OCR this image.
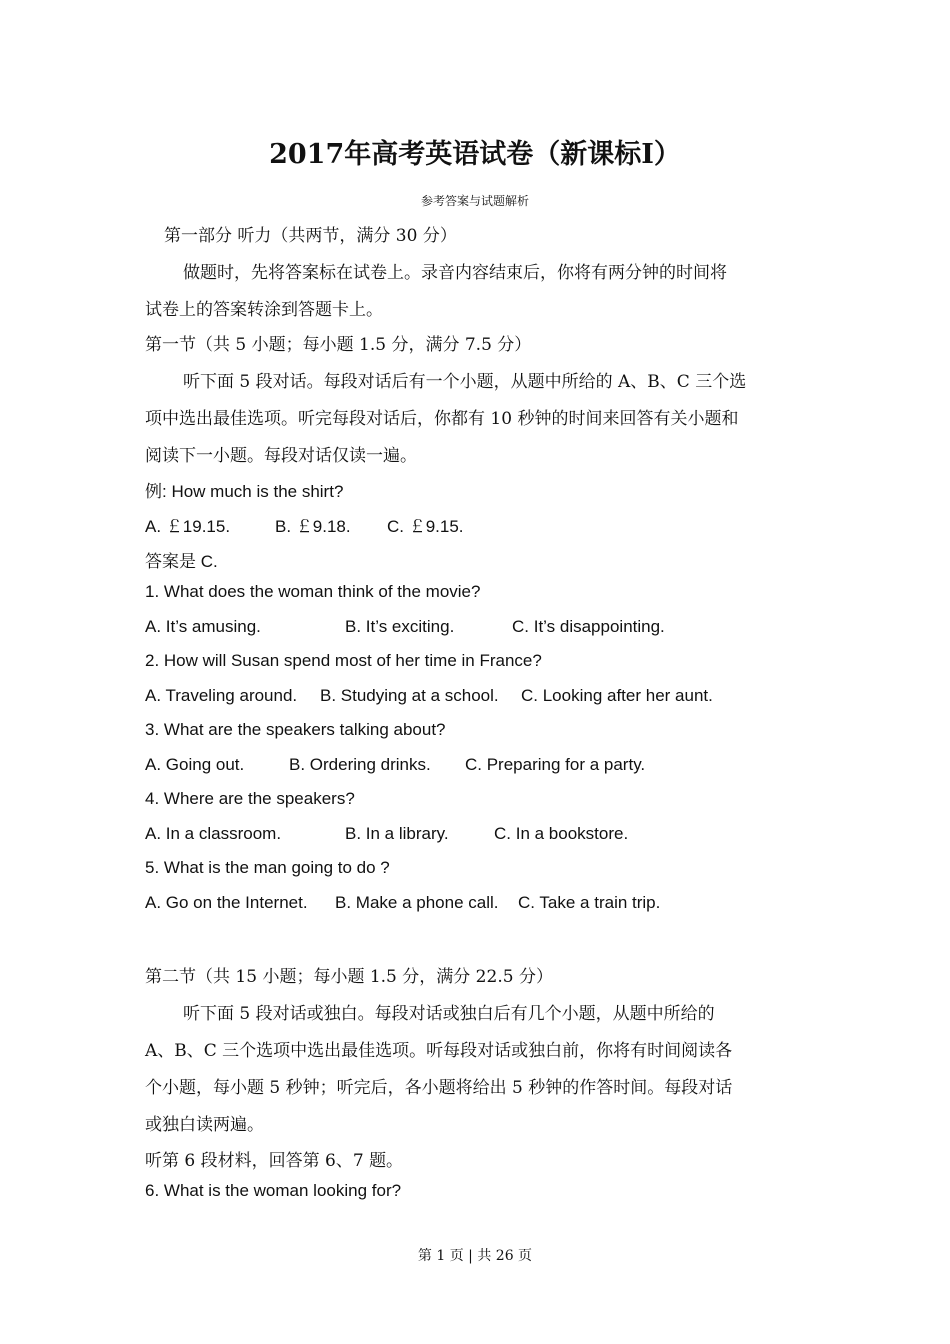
2017年高考英语试卷（新课标Ⅰ）
参考答案与试题解析
第一部分 听力（共两节，满分 30 分）
做题时，先将答案标在试卷上。录音内容结束后，你将有两分钟的时间将
试卷上的答案转涂到答题卡上。
第一节（共 5 小题；每小题 1.5 分，满分 7.5 分）
听下面 5 段对话。每段对话后有一个小题，从题中所给的 A、B、C 三个选
项中选出最佳选项。听完每段对话后，你都有 10 秒钟的时间来回答有关小题和
阅读下一小题。每段对话仅读一遍。
例: How much is the shirt?
A. ￡19.15.	B. ￡9.18. C. ￡9.15.
答案是 C.
1. What does the woman think of the movie?
A. It’s amusing.	B. It’s exciting.	C. It’s disappointing.
2. How will Susan spend most of her time in France?
A. Traveling around. B. Studying at a school. C. Looking after her aunt.
3. What are the speakers talking about?
A. Going out.	B. Ordering drinks. C. Preparing for a party.
4. Where are the speakers?
A. In a classroom.	B. In a library.	C. In a bookstore.
5. What is the man going to do ?
A. Go on the Internet. B. Make a phone call. C. Take a train trip.
第二节（共 15 小题；每小题 1.5 分，满分 22.5 分）
听下面 5 段对话或独白。每段对话或独白后有几个小题，从题中所给的
A、B、C 三个选项中选出最佳选项。听每段对话或独白前，你将有时间阅读各
个小题，每小题 5 秒钟；听完后，各小题将给出 5 秒钟的作答时间。每段对话
或独白读两遍。
听第 6 段材料，回答第 6、7 题。
6. What is the woman looking for?
第 1 页 | 共 26 页
